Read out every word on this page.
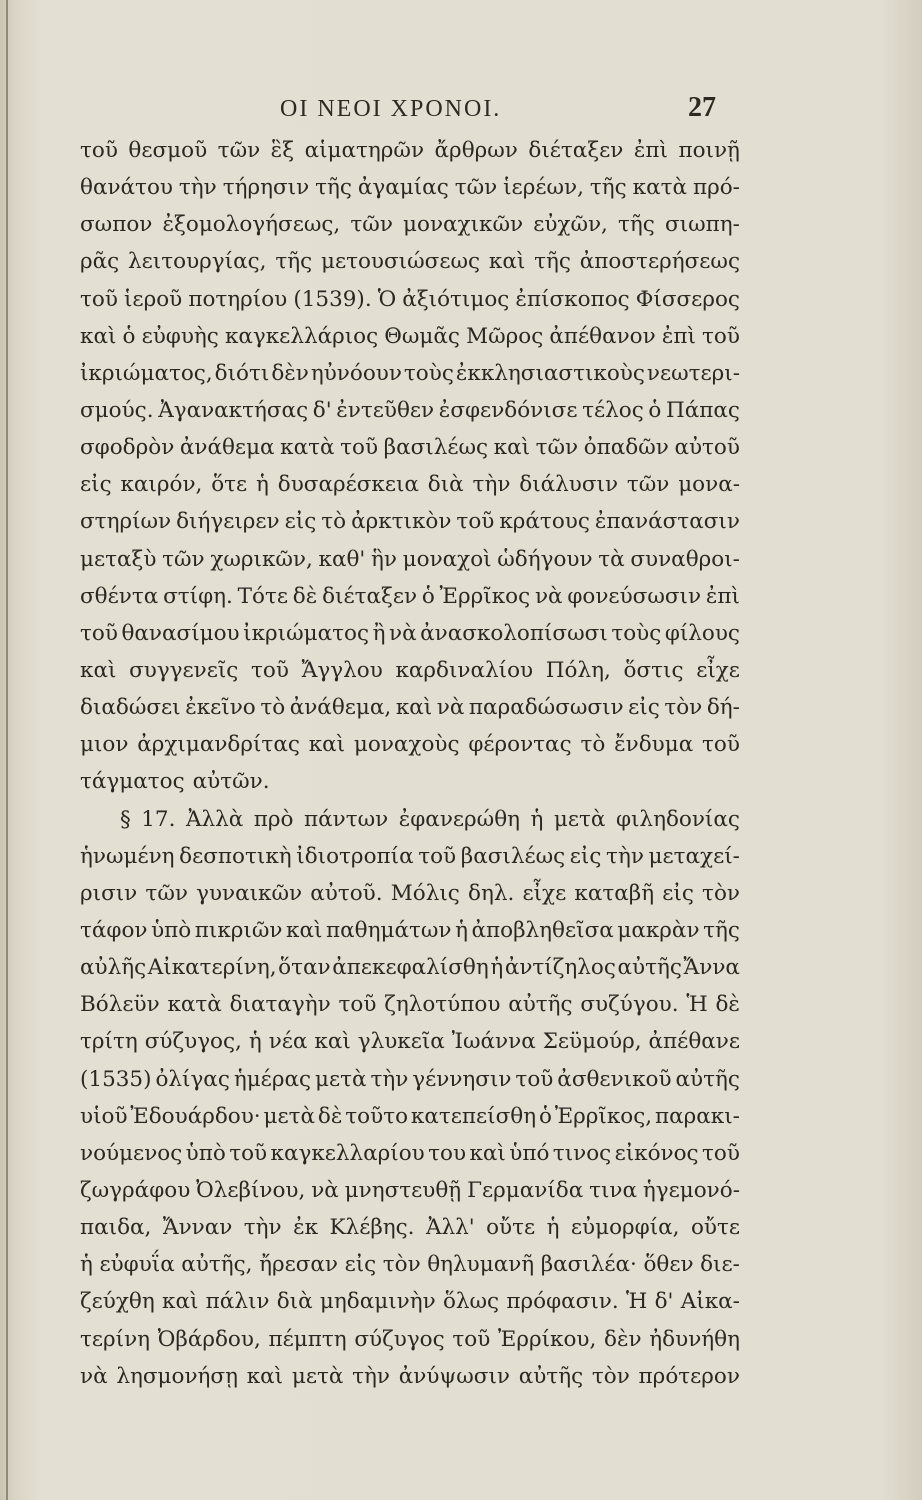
ΟΙ ΝΕΟΙ ΧΡΟΝΟΙ.	27
τοῦ θεσμοῦ τῶν ἓξ αἱματηρῶν ἄρθρων διέταξεν ἐπὶ ποινῇ
θανάτου τὴν τήρησιν τῆς ἀγαμίας τῶν ἱερέων, τῆς κατὰ πρό-
σωπον ἐξομολογήσεως, τῶν μοναχικῶν εὐχῶν, τῆς σιωπη-
ρᾶς λειτουργίας, τῆς μετουσιώσεως καὶ τῆς ἀποστερήσεως
τοῦ ἱεροῦ ποτηρίου (1539). Ὁ ἀξιότιμος ἐπίσκοπος Φίσσερος
καὶ ὁ εὐφυὴς καγκελλάριος Θωμᾶς Μῶρος ἀπέθανον ἐπὶ τοῦ
ἰκριώματος, διότι δὲν ηὐνόουν τοὺς ἐκκλησιαστικοὺς νεωτερι-
σμούς. Ἀγανακτήσας δ' ἐντεῦθεν ἐσφενδόνισε τέλος ὁ Πάπας
σφοδρὸν ἀνάθεμα κατὰ τοῦ βασιλέως καὶ τῶν ὀπαδῶν αὐτοῦ
εἰς καιρόν, ὅτε ἡ δυσαρέσκεια διὰ τὴν διάλυσιν τῶν μονα-
στηρίων διήγειρεν εἰς τὸ ἀρκτικὸν τοῦ κράτους ἐπανάστασιν
μεταξὺ τῶν χωρικῶν, καθ' ἣν μοναχοὶ ὡδήγουν τὰ συναθροι-
σθέντα στίφη. Τότε δὲ διέταξεν ὁ Ἐρρῖκος νὰ φονεύσωσιν ἐπὶ
τοῦ θανασίμου ἰκριώματος ἢ νὰ ἀνασκολοπίσωσι τοὺς φίλους
καὶ συγγενεῖς τοῦ Ἄγγλου καρδιναλίου Πόλη, ὅστις εἶχε
διαδώσει ἐκεῖνο τὸ ἀνάθεμα, καὶ νὰ παραδώσωσιν εἰς τὸν δή-
μιον ἀρχιμανδρίτας καὶ μοναχοὺς φέροντας τὸ ἔνδυμα τοῦ
τάγματος αὐτῶν.
§ 17. Ἀλλὰ πρὸ πάντων ἐφανερώθη ἡ μετὰ φιληδονίας
ἡνωμένη δεσποτικὴ ἰδιοτροπία τοῦ βασιλέως εἰς τὴν μεταχεί-
ρισιν τῶν γυναικῶν αὐτοῦ. Μόλις δηλ. εἶχε καταβῆ εἰς τὸν
τάφον ὑπὸ πικριῶν καὶ παθημάτων ἡ ἀποβληθεῖσα μακρὰν τῆς
αὐλῆς Αἰκατερίνη, ὅταν ἀπεκεφαλίσθη ἡ ἀντίζηλος αὐτῆς Ἄννα
Βόλεϋν κατὰ διαταγὴν τοῦ ζηλοτύπου αὐτῆς συζύγου. Ἡ δὲ
τρίτη σύζυγος, ἡ νέα καὶ γλυκεῖα Ἰωάννα Σεϋμούρ, ἀπέθανε
(1535) ὀλίγας ἡμέρας μετὰ τὴν γέννησιν τοῦ ἀσθενικοῦ αὐτῆς
υἱοῦ Ἐδουάρδου· μετὰ δὲ τοῦτο κατεπείσθη ὁ Ἐρρῖκος, παρακι-
νούμενος ὑπὸ τοῦ καγκελλαρίου του καὶ ὑπό τινος εἰκόνος τοῦ
ζωγράφου Ὀλεβίνου, νὰ μνηστευθῇ Γερμανίδα τινα ἡγεμονό-
παιδα, Ἄνναν τὴν ἐκ Κλέβης. Ἀλλ' οὔτε ἡ εὐμορφία, οὔτε
ἡ εὐφυΐα αὐτῆς, ἤρεσαν εἰς τὸν θηλυμανῆ βασιλέα· ὅθεν διε-
ζεύχθη καὶ πάλιν διὰ μηδαμινὴν ὅλως πρόφασιν. Ἡ δ' Αἰκα-
τερίνη Ὀβάρδου, πέμπτη σύζυγος τοῦ Ἐρρίκου, δὲν ἠδυνήθη
νὰ λησμονήσῃ καὶ μετὰ τὴν ἀνύψωσιν αὐτῆς τὸν πρότερον
